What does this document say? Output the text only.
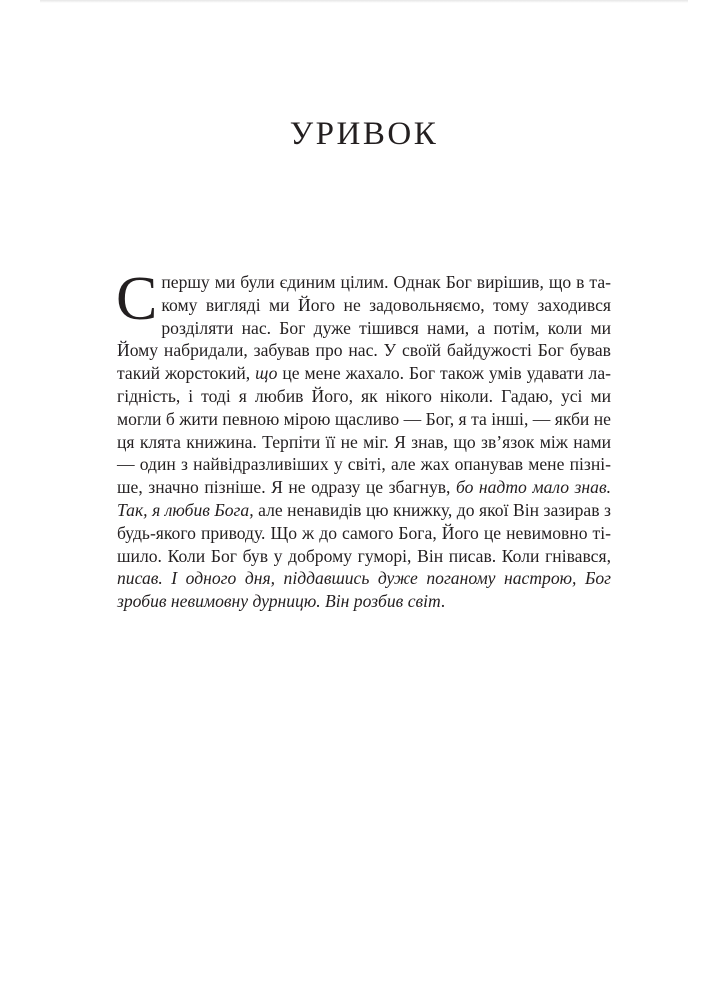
УРИВОК

Спершу ми були єдиним цілим. Однак Бог вирішив, що в такому вигляді ми Його не задовольняємо, тому заходився розділяти нас. Бог дуже тішився нами, а потім, коли ми Йому набридали, забував про нас. У своїй байдужості Бог бував такий жорстокий, що це мене жахало. Бог також умів удавати лагідність, і тоді я любив Його, як нікого ніколи. Гадаю, усі ми могли б жити певною мірою щасливо — Бог, я та інші, — якби не ця клята книжина. Терпіти її не міг. Я знав, що зв’язок між нами — один з найвідразливіших у світі, але жах опанував мене пізніше, значно пізніше. Я не одразу це збагнув, бо надто мало знав. Так, я любив Бога, але ненавидів цю книжку, до якої Він зазирав з будь-якого приводу. Що ж до самого Бога, Його це невимовно тішило. Коли Бог був у доброму гуморі, Він писав. Коли гнівався, писав. І одного дня, піддавшись дуже поганому настрою, Бог зробив невимовну дурницю. Він розбив світ.
